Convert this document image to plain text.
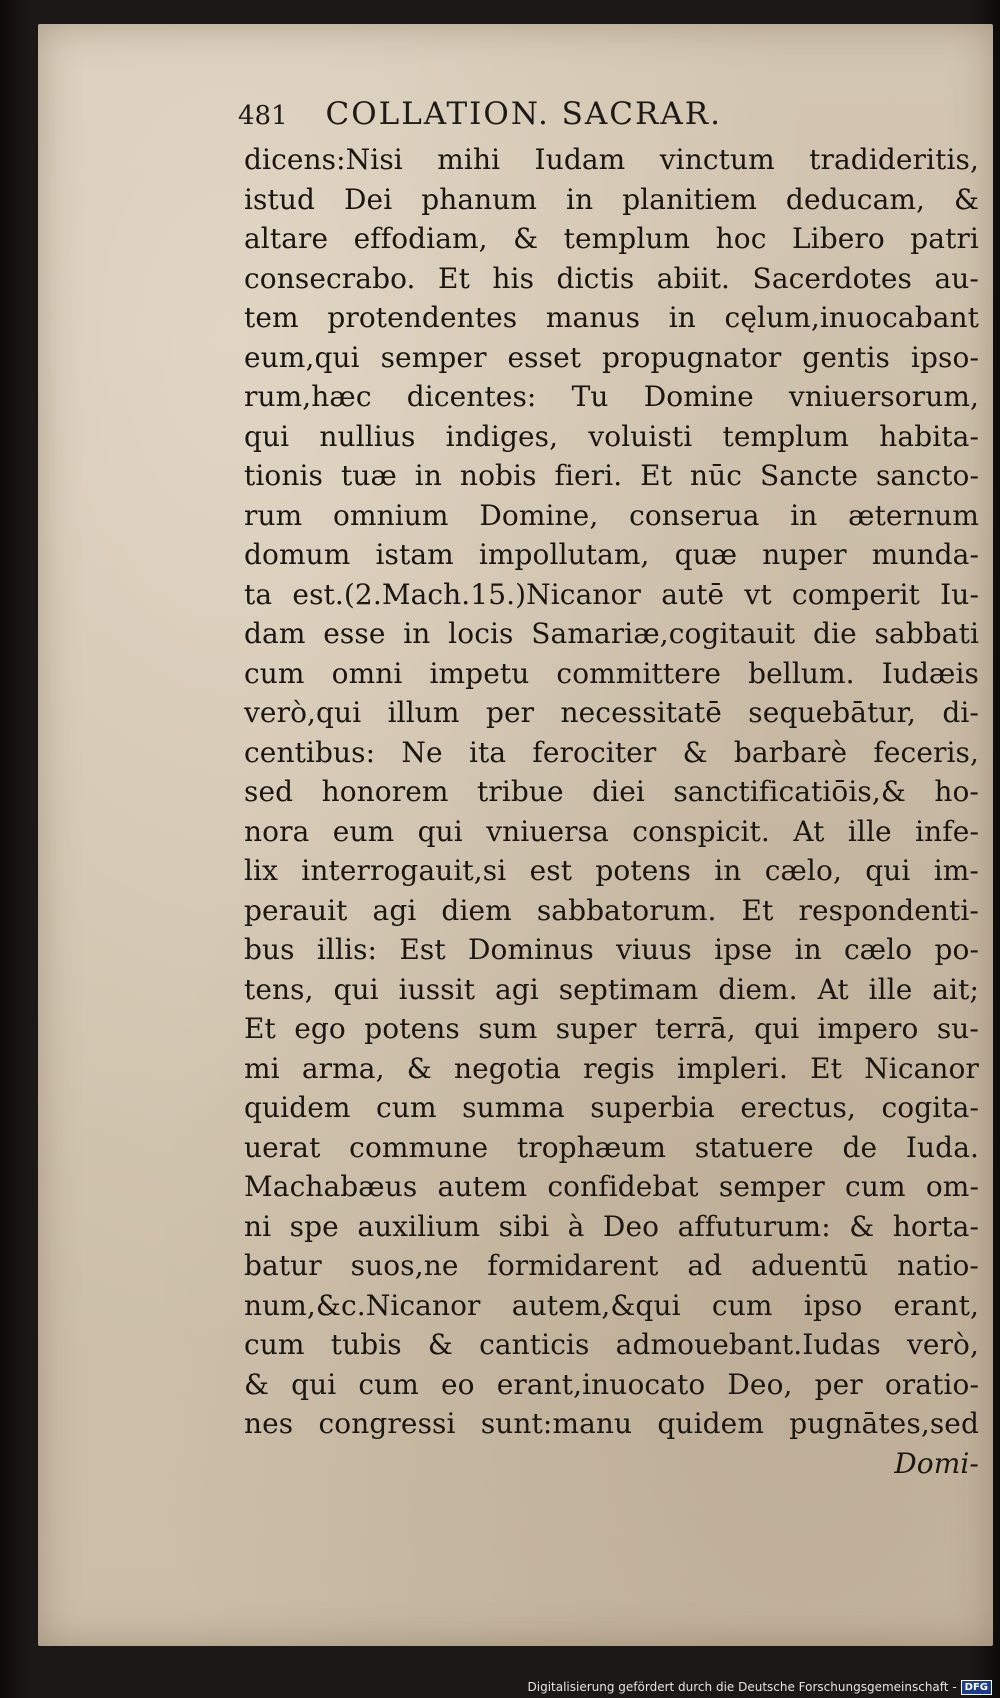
481 COLLATION. SACRAR.
dicens:Nisi mihi Iudam vinctum tradideritis,
istud Dei phanum in planitiem deducam, &
altare effodiam, & templum hoc Libero patri
consecrabo. Et his dictis abiit. Sacerdotes au-
tem protendentes manus in cęlum,inuocabant
eum,qui semper esset propugnator gentis ipso-
rum,hæc dicentes: Tu Domine vniuersorum,
qui nullius indiges, voluisti templum habita-
tionis tuæ in nobis fieri. Et nūc Sancte sancto-
rum omnium Domine, conserua in æternum
domum istam impollutam, quæ nuper munda-
ta est.(2.Mach.15.)Nicanor autē vt comperit Iu-
dam esse in locis Samariæ,cogitauit die sabbati
cum omni impetu committere bellum. Iudæis
verò,qui illum per necessitatē sequebātur, di-
centibus: Ne ita ferociter & barbarè feceris,
sed honorem tribue diei sanctificatiōis,& ho-
nora eum qui vniuersa conspicit. At ille infe-
lix interrogauit,si est potens in cælo, qui im-
perauit agi diem sabbatorum. Et respondenti-
bus illis: Est Dominus viuus ipse in cælo po-
tens, qui iussit agi septimam diem. At ille ait;
Et ego potens sum super terrā, qui impero su-
mi arma, & negotia regis impleri. Et Nicanor
quidem cum summa superbia erectus, cogita-
uerat commune trophæum statuere de Iuda.
Machabæus autem confidebat semper cum om-
ni spe auxilium sibi à Deo affuturum: & horta-
batur suos,ne formidarent ad aduentū natio-
num,&c.Nicanor autem,&qui cum ipso erant,
cum tubis & canticis admouebant.Iudas verò,
& qui cum eo erant,inuocato Deo, per oratio-
nes congressi sunt:manu quidem pugnātes,sed
Domi-
Digitalisierung gefördert durch die Deutsche Forschungsgemeinschaft - DFG
